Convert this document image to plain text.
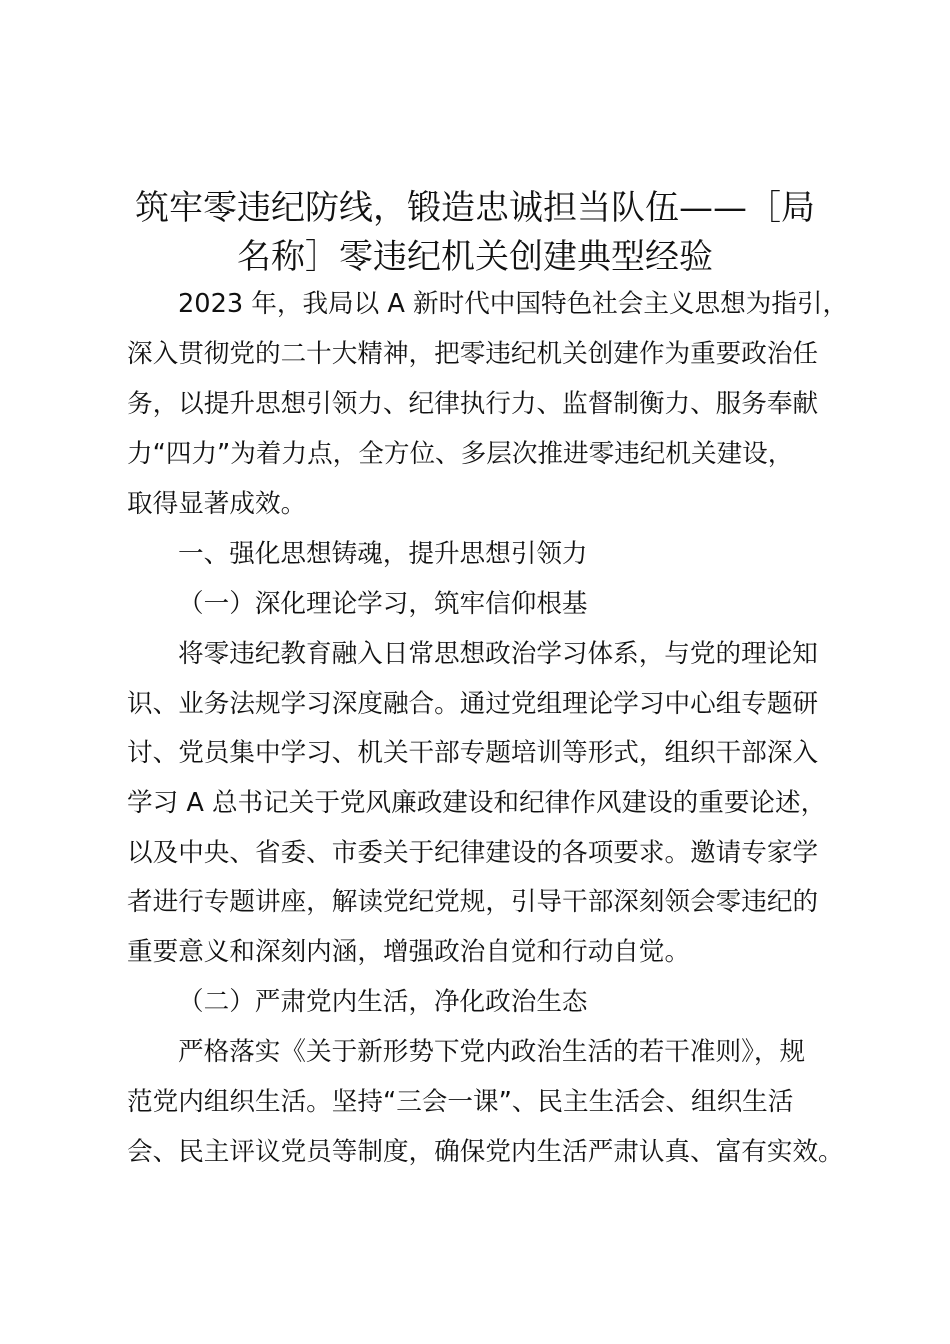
筑牢零违纪防线，锻造忠诚担当队伍——［局
名称］零违纪机关创建典型经验

2023 年，我局以 A 新时代中国特色社会主义思想为指引，

深入贯彻党的二十大精神，把零违纪机关创建作为重要政治任

务，以提升思想引领力、纪律执行力、监督制衡力、服务奉献

力“四力”为着力点，全方位、多层次推进零违纪机关建设，

取得显著成效。

一、强化思想铸魂，提升思想引领力

（一）深化理论学习，筑牢信仰根基

将零违纪教育融入日常思想政治学习体系，与党的理论知

识、业务法规学习深度融合。通过党组理论学习中心组专题研

讨、党员集中学习、机关干部专题培训等形式，组织干部深入

学习 A 总书记关于党风廉政建设和纪律作风建设的重要论述，

以及中央、省委、市委关于纪律建设的各项要求。邀请专家学

者进行专题讲座，解读党纪党规，引导干部深刻领会零违纪的

重要意义和深刻内涵，增强政治自觉和行动自觉。

（二）严肃党内生活，净化政治生态

严格落实《关于新形势下党内政治生活的若干准则》，规

范党内组织生活。坚持“三会一课”、民主生活会、组织生活

会、民主评议党员等制度，确保党内生活严肃认真、富有实效。
